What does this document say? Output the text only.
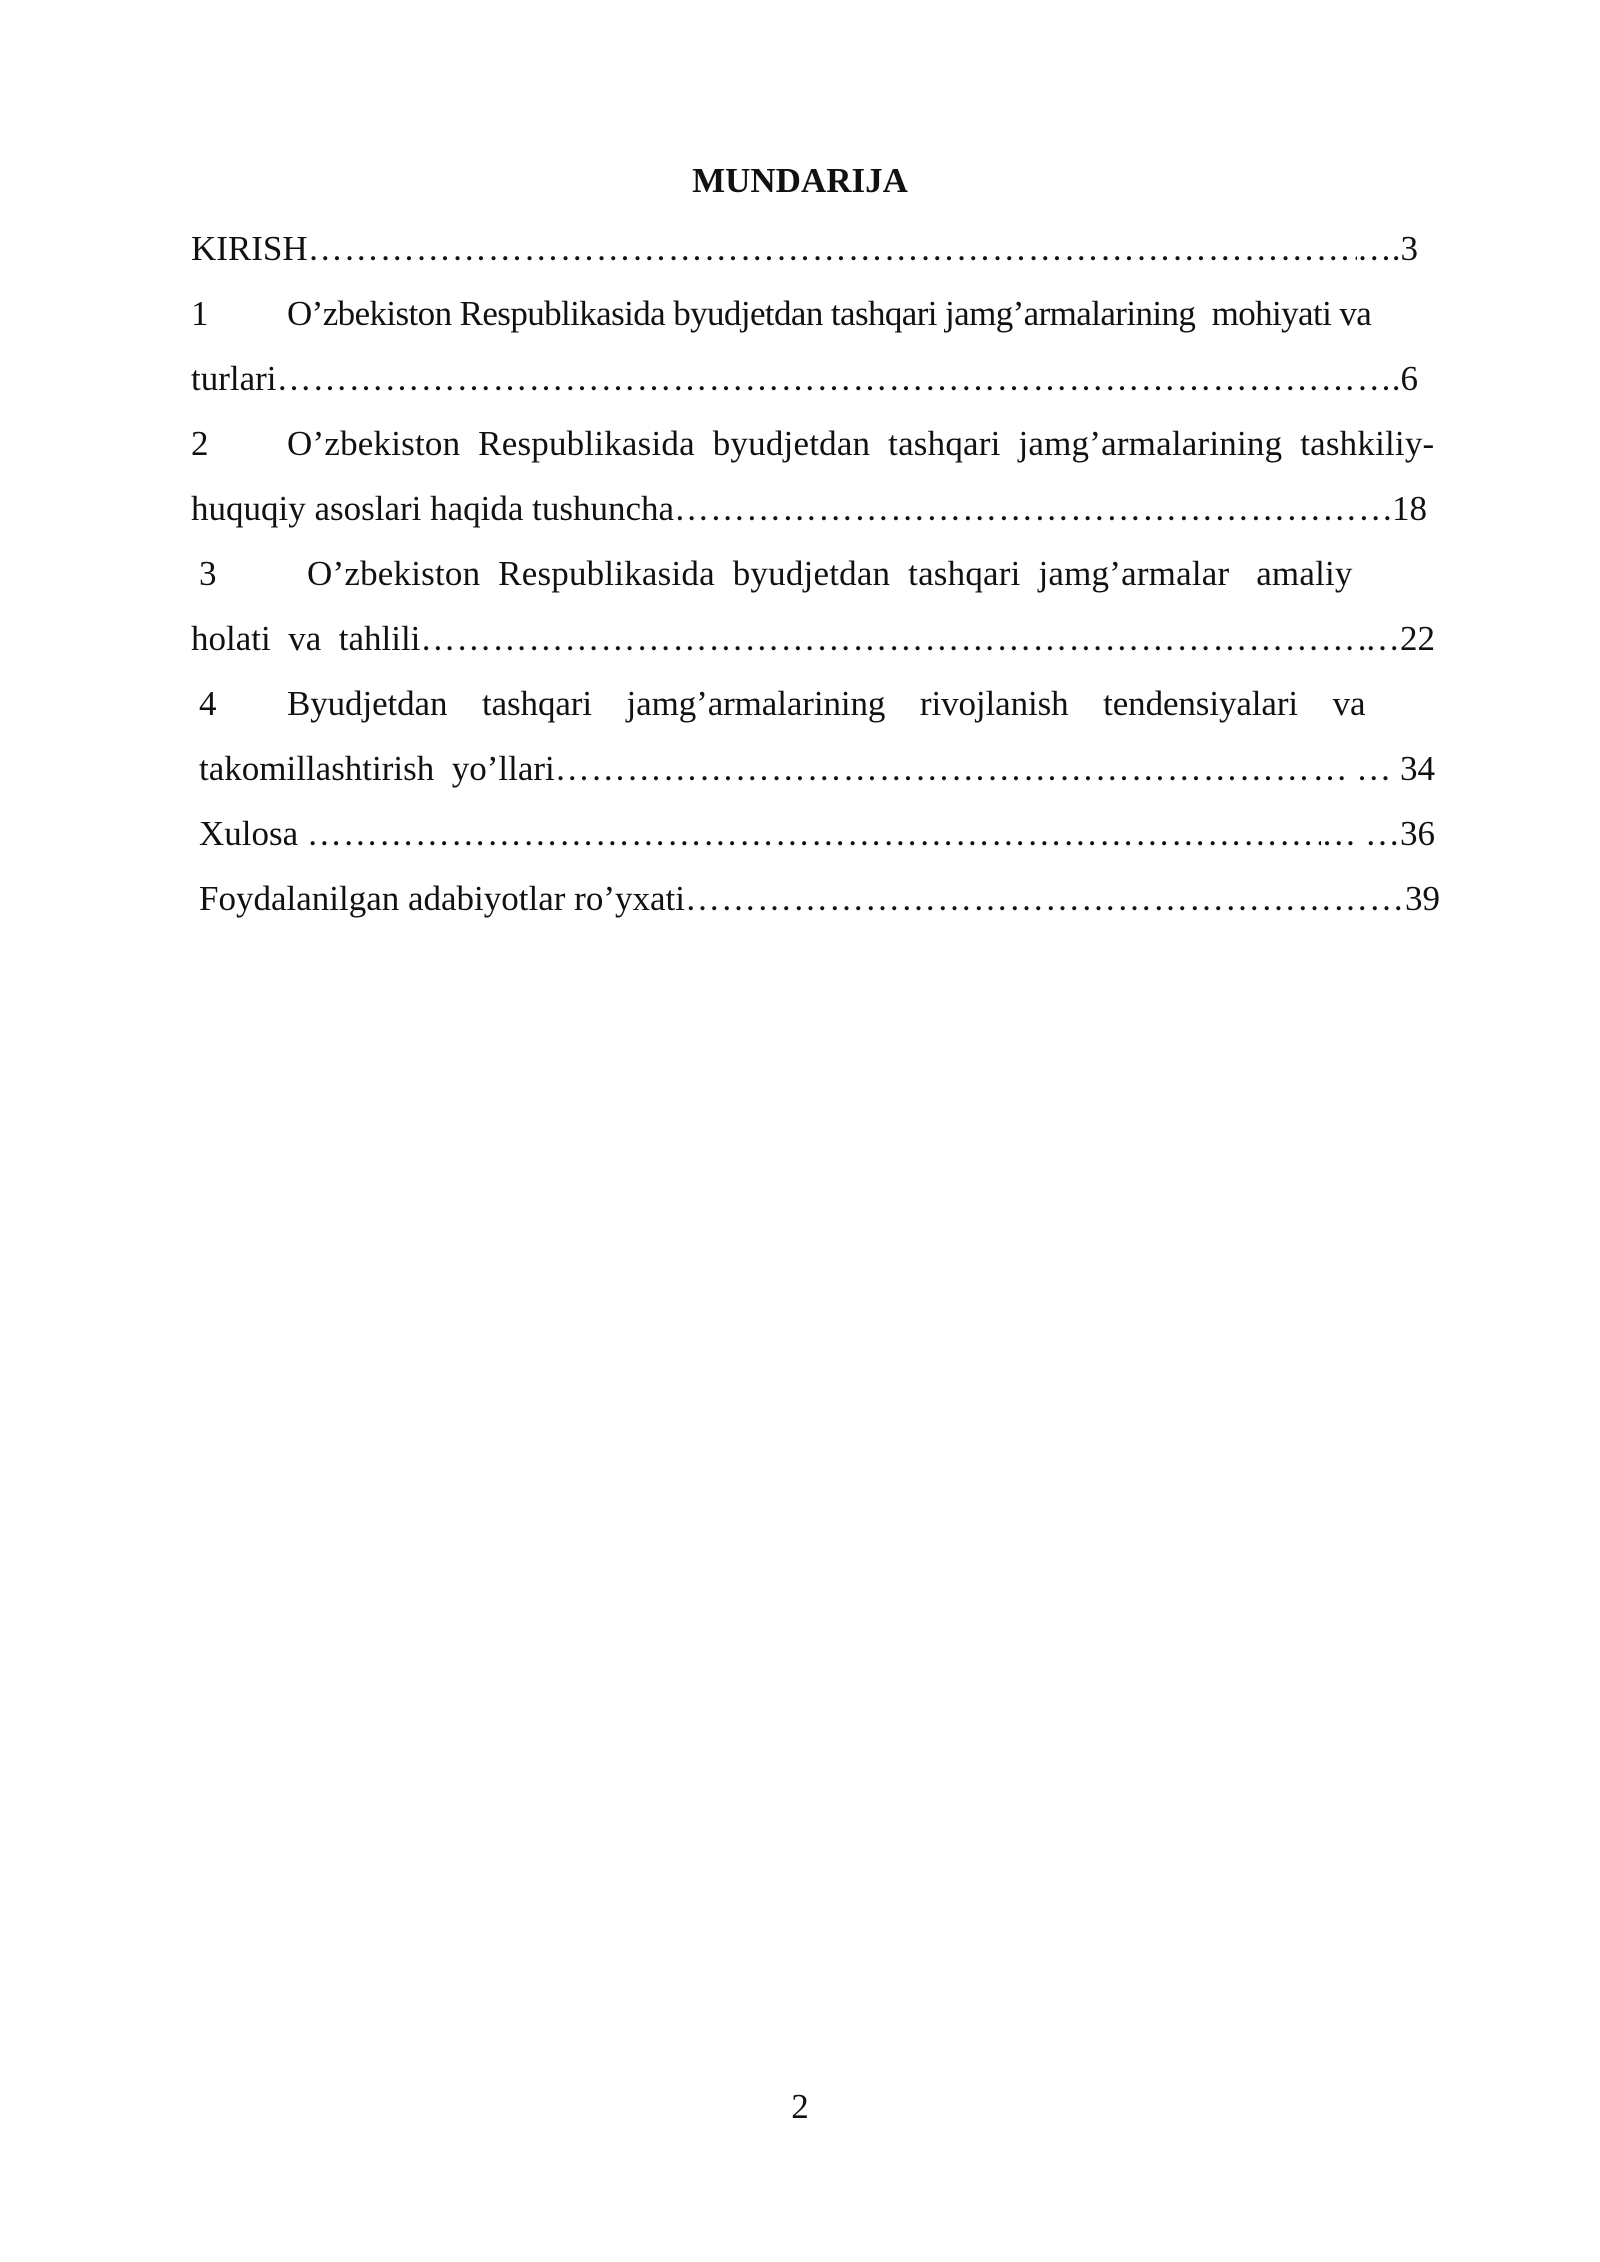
MUNDARIJA
KIRISH …………………………………………………………………………………………………………………………………………………………………………………………………………	….3
1	O’zbekiston Respublikasida byudjetdan tashqari jamg’armalarining  mohiyati va
turlari …………………………………………………………………………………………………………………………………………………………………………………………………………	….6
2	O’zbekiston  Respublikasida  byudjetdan  tashqari  jamg’armalarining  tashkiliy-
huquqiy asoslari haqida tushuncha …………………………………………………………………………………………………………………………………………………………………………………………………………	18
3	O’zbekiston  Respublikasida  byudjetdan  tashqari  jamg’armalar   amaliy
holati  va  tahlili …………………………………………………………………………………………………………………………………………………………………………………………………………	…22
4	Byudjetdan    tashqari    jamg’armalarining    rivojlanish    tendensiyalari    va
takomillashtirish  yo’llari …………………………………………………………………………………………………………………………………………………………………………………………………………	… … 34
Xulosa …………………………………………………………………………………………………………………………………………………………………………………………………………	… …36
Foydalanilgan adabiyotlar ro’yxati …………………………………………………………………………………………………………………………………………………………………………………………………………	39
2
